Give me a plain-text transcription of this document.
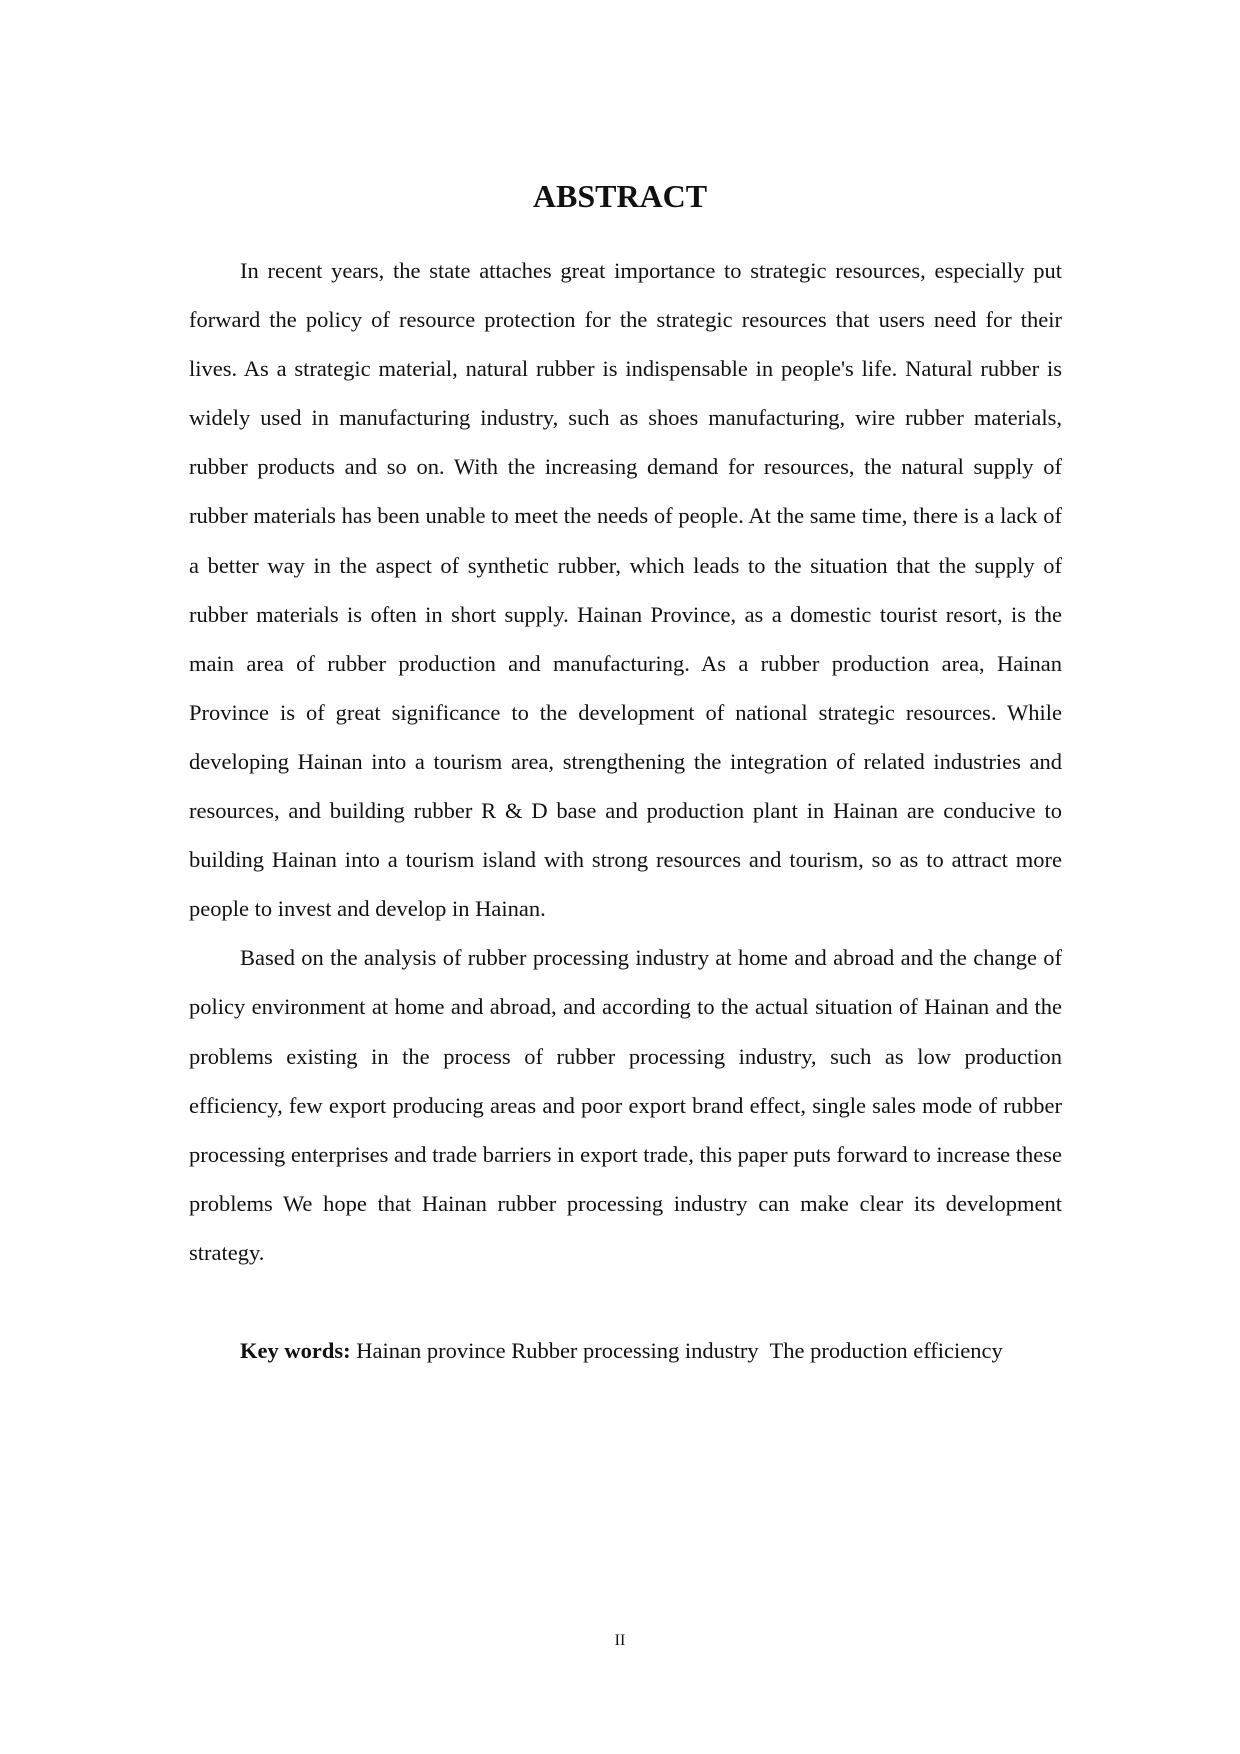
ABSTRACT

In recent years, the state attaches great importance to strategic resources, especially put forward the policy of resource protection for the strategic resources that users need for their lives. As a strategic material, natural rubber is indispensable in people's life. Natural rubber is widely used in manufacturing industry, such as shoes manufacturing, wire rubber materials, rubber products and so on. With the increasing demand for resources, the natural supply of rubber materials has been unable to meet the needs of people. At the same time, there is a lack of a better way in the aspect of synthetic rubber, which leads to the situation that the supply of rubber materials is often in short supply. Hainan Province, as a domestic tourist resort, is the main area of rubber production and manufacturing. As a rubber production area, Hainan Province is of great significance to the development of national strategic resources. While developing Hainan into a tourism area, strengthening the integration of related industries and resources, and building rubber R & D base and production plant in Hainan are conducive to building Hainan into a tourism island with strong resources and tourism, so as to attract more people to invest and develop in Hainan.

Based on the analysis of rubber processing industry at home and abroad and the change of policy environment at home and abroad, and according to the actual situation of Hainan and the problems existing in the process of rubber processing industry, such as low production efficiency, few export producing areas and poor export brand effect, single sales mode of rubber processing enterprises and trade barriers in export trade, this paper puts forward to increase these problems We hope that Hainan rubber processing industry can make clear its development strategy.

Key words: Hainan province Rubber processing industry  The production efficiency

II
